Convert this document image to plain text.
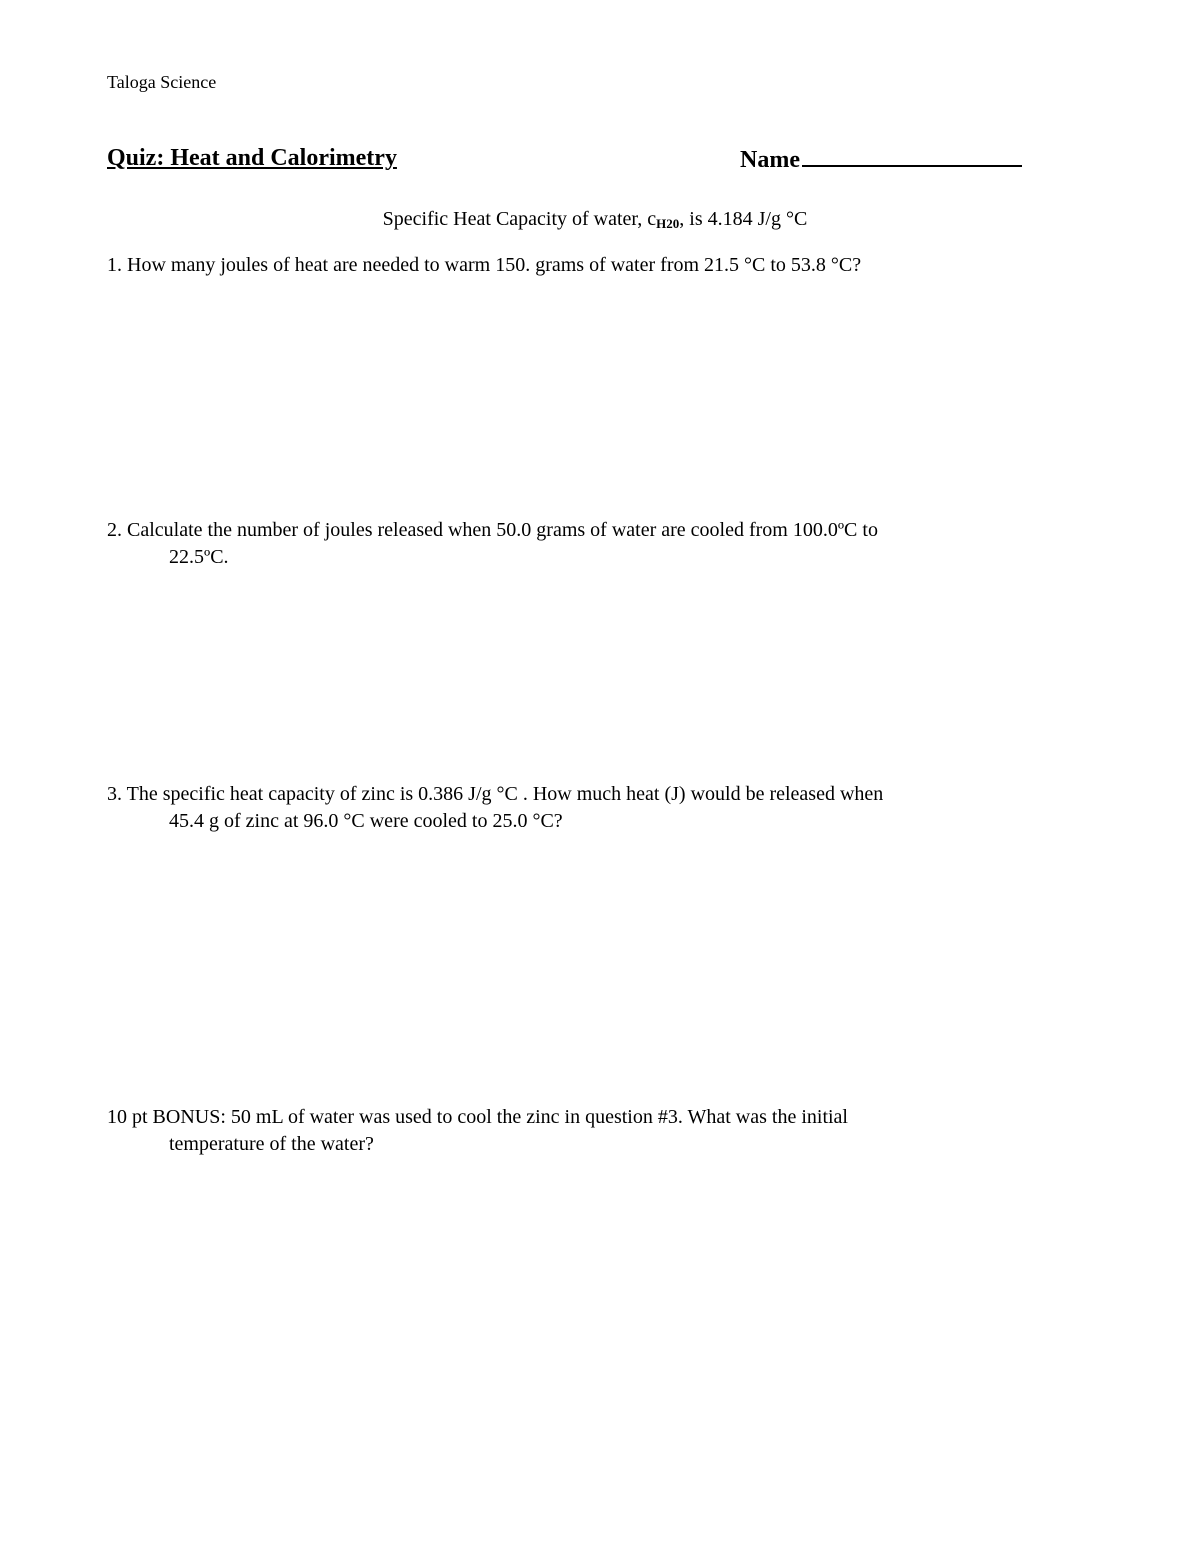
Taloga Science
Quiz: Heat and Calorimetry	Name
Specific Heat Capacity of water, $c_{H20}$, is 4.184 J/g °C
1. How many joules of heat are needed to warm 150. grams of water from 21.5 °C to 53.8 °C?
2. Calculate the number of joules released when 50.0 grams of water are cooled from 100.0ºC to
22.5ºC.
3. The specific heat capacity of zinc is 0.386 J/g °C . How much heat (J) would be released when
45.4 g of zinc at 96.0 °C were cooled to 25.0 °C?
10 pt BONUS: 50 mL of water was used to cool the zinc in question #3. What was the initial
temperature of the water?
